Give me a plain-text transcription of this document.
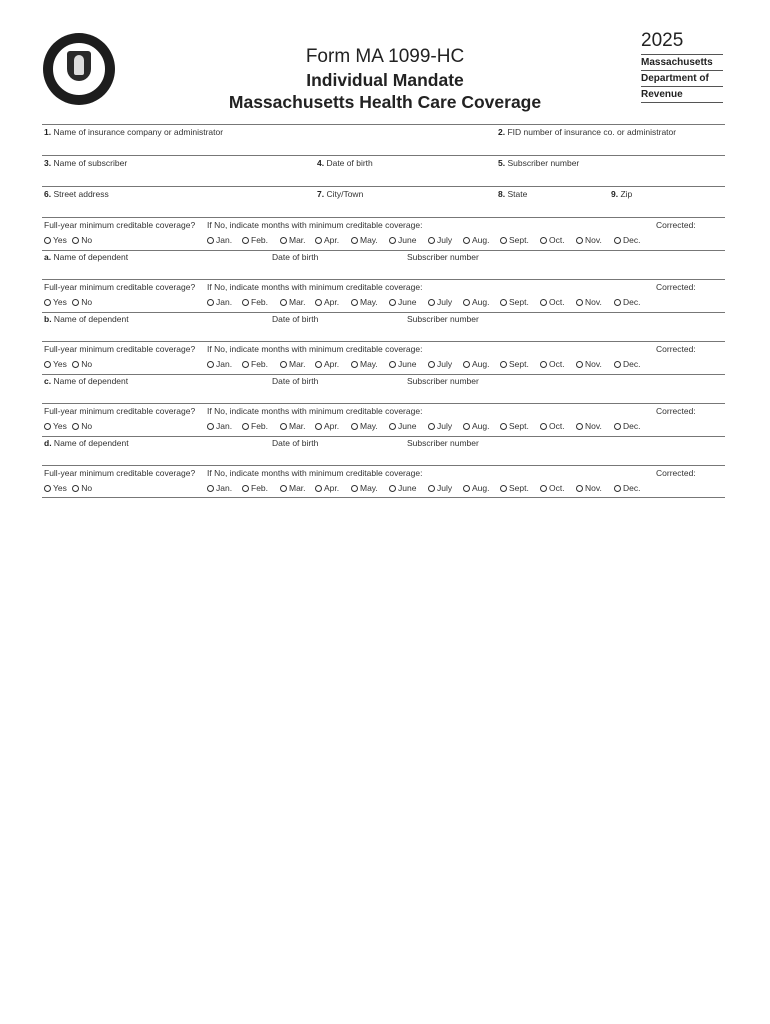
Form MA 1099-HC
Individual Mandate
Massachusetts Health Care Coverage
2025
Massachusetts
Department of
Revenue
1. Name of insurance company or administrator	2. FID number of insurance co. or administrator
3. Name of subscriber	4. Date of birth	5. Subscriber number
6. Street address	7. City/Town	8. State	9. Zip
Full-year minimum creditable coverage? If No, indicate months with minimum creditable coverage:	Corrected:
Yes No	Jan.	Feb.	Mar.	Apr.	May.	June	July	Aug.	Sept.	Oct.	Nov.	Dec.
a. Name of dependent	Date of birth	Subscriber number
Full-year minimum creditable coverage? If No, indicate months with minimum creditable coverage:	Corrected:
Yes No	Jan.	Feb.	Mar.	Apr.	May.	June	July	Aug.	Sept.	Oct.	Nov.	Dec.
b. Name of dependent	Date of birth	Subscriber number
Full-year minimum creditable coverage? If No, indicate months with minimum creditable coverage:	Corrected:
Yes No	Jan.	Feb.	Mar.	Apr.	May.	June	July	Aug.	Sept.	Oct.	Nov.	Dec.
c. Name of dependent	Date of birth	Subscriber number
Full-year minimum creditable coverage? If No, indicate months with minimum creditable coverage:	Corrected:
Yes No	Jan.	Feb.	Mar.	Apr.	May.	June	July	Aug.	Sept.	Oct.	Nov.	Dec.
d. Name of dependent	Date of birth	Subscriber number
Full-year minimum creditable coverage? If No, indicate months with minimum creditable coverage:	Corrected:
Yes No	Jan.	Feb.	Mar.	Apr.	May.	June	July	Aug.	Sept.	Oct.	Nov.	Dec.
